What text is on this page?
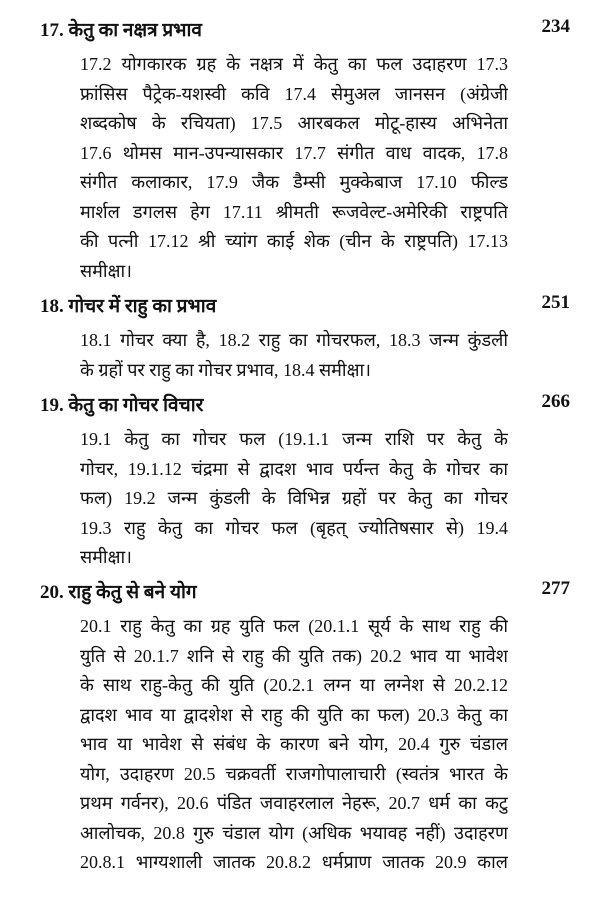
17. केतु का नक्षत्र प्रभाव	234
17.2 योगकारक ग्रह के नक्षत्र में केतु का फल उदाहरण 17.3
फ्रांसिस पैट्रेक-यशस्वी कवि 17.4 सेमुअल जानसन (अंग्रेजी
शब्दकोष के रचियता) 17.5 आरबकल मोटू-हास्य अभिनेता
17.6 थोमस मान-उपन्यासकार 17.7 संगीत वाध वादक, 17.8
संगीत कलाकार, 17.9 जैक डैम्सी मुक्केबाज 17.10 फील्ड
मार्शल डगलस हेग 17.11 श्रीमती रूजवेल्ट-अमेरिकी राष्ट्रपति
की पत्नी 17.12 श्री च्यांग काई शेक (चीन के राष्ट्रपति) 17.13
समीक्षा।
18. गोचर में राहु का प्रभाव	251
18.1 गोचर क्या है, 18.2 राहु का गोचरफल, 18.3 जन्म कुंडली
के ग्रहों पर राहु का गोचर प्रभाव, 18.4 समीक्षा।
19. केतु का गोचर विचार	266
19.1 केतु का गोचर फल (19.1.1 जन्म राशि पर केतु के
गोचर, 19.1.12 चंद्रमा से द्वादश भाव पर्यन्त केतु के गोचर का
फल) 19.2 जन्म कुंडली के विभिन्न ग्रहों पर केतु का गोचर
19.3 राहु केतु का गोचर फल (बृहत् ज्योतिषसार से) 19.4
समीक्षा।
20. राहु केतु से बने योग	277
20.1 राहु केतु का ग्रह युति फल (20.1.1 सूर्य के साथ राहु की
युति से 20.1.7 शनि से राहु की युति तक) 20.2 भाव या भावेश
के साथ राहु-केतु की युति (20.2.1 लग्न या लग्नेश से 20.2.12
द्वादश भाव या द्वादशेश से राहु की युति का फल) 20.3 केतु का
भाव या भावेश से संबंध के कारण बने योग, 20.4 गुरु चंडाल
योग, उदाहरण 20.5 चक्रवर्ती राजगोपालाचारी (स्वतंत्र भारत के
प्रथम गर्वनर), 20.6 पंडित जवाहरलाल नेहरू, 20.7 धर्म का कटु
आलोचक, 20.8 गुरु चंडाल योग (अधिक भयावह नहीं) उदाहरण
20.8.1 भाग्यशाली जातक 20.8.2 धर्मप्राण जातक 20.9 काल
